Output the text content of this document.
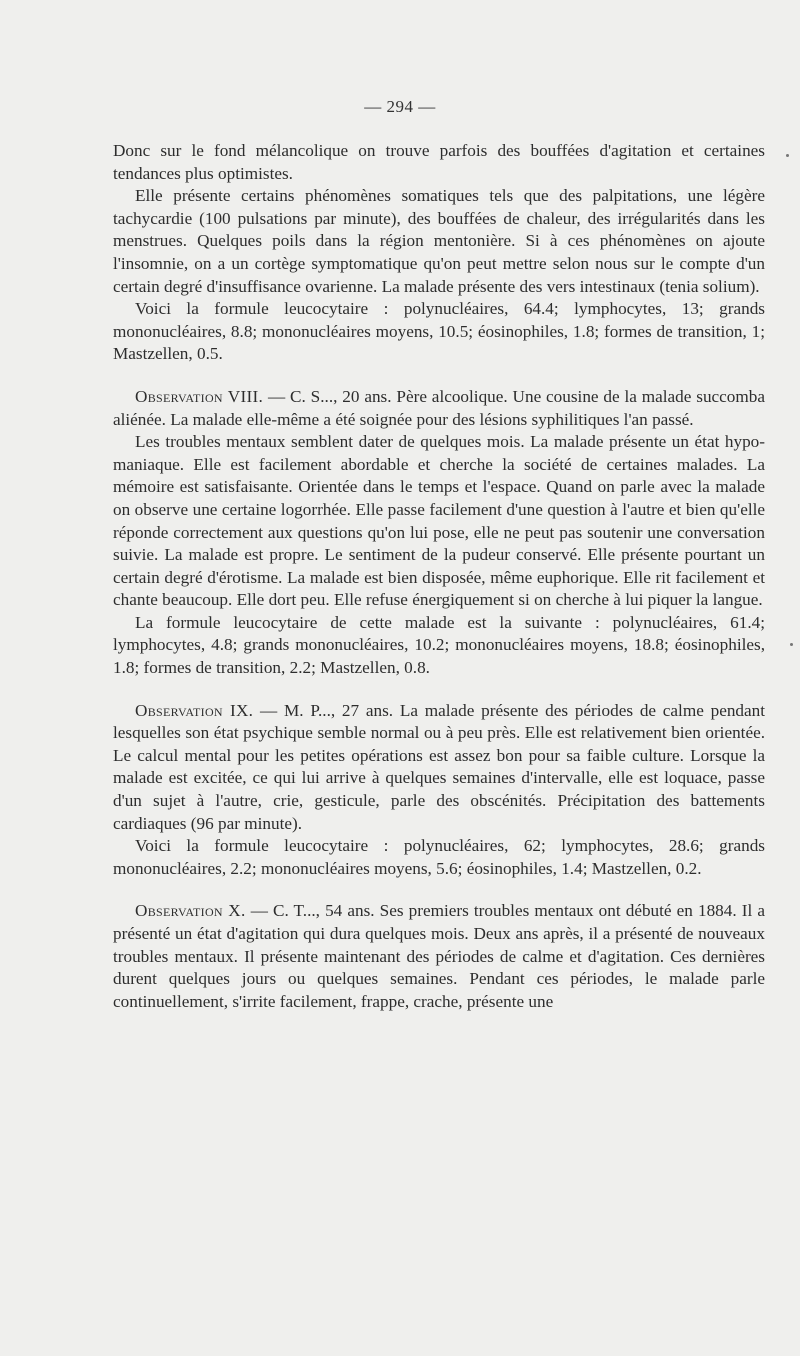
— 294 —

Donc sur le fond mélancolique on trouve parfois des bouffées d'agitation et certaines tendances plus optimistes.

Elle présente certains phénomènes somatiques tels que des palpitations, une légère tachycardie (100 pulsations par minute), des bouffées de chaleur, des irrégularités dans les menstrues. Quelques poils dans la région mentonière. Si à ces phénomènes on ajoute l'insomnie, on a un cortège symptomatique qu'on peut mettre selon nous sur le compte d'un certain degré d'insuffisance ovarienne. La malade présente des vers intestinaux (tenia solium).

Voici la formule leucocytaire : polynucléaires, 64.4; lymphocytes, 13; grands mononucléaires, 8.8; mononucléaires moyens, 10.5; éosinophiles, 1.8; formes de transition, 1; Mastzellen, 0.5.

Observation VIII. — C. S..., 20 ans. Père alcoolique. Une cousine de la malade succomba aliénée. La malade elle-même a été soignée pour des lésions syphilitiques l'an passé.

Les troubles mentaux semblent dater de quelques mois. La malade présente un état hypo-maniaque. Elle est facilement abordable et cherche la société de certaines malades. La mémoire est satisfaisante. Orientée dans le temps et l'espace. Quand on parle avec la malade on observe une certaine logorrhée. Elle passe facilement d'une question à l'autre et bien qu'elle réponde correctement aux questions qu'on lui pose, elle ne peut pas soutenir une conversation suivie. La malade est propre. Le sentiment de la pudeur conservé. Elle présente pourtant un certain degré d'érotisme. La malade est bien disposée, même euphorique. Elle rit facilement et chante beaucoup. Elle dort peu. Elle refuse énergiquement si on cherche à lui piquer la langue.

La formule leucocytaire de cette malade est la suivante : polynucléaires, 61.4; lymphocytes, 4.8; grands mononucléaires, 10.2; mononucléaires moyens, 18.8; éosinophiles, 1.8; formes de transition, 2.2; Mastzellen, 0.8.

Observation IX. — M. P..., 27 ans. La malade présente des périodes de calme pendant lesquelles son état psychique semble normal ou à peu près. Elle est relativement bien orientée. Le calcul mental pour les petites opérations est assez bon pour sa faible culture. Lorsque la malade est excitée, ce qui lui arrive à quelques semaines d'intervalle, elle est loquace, passe d'un sujet à l'autre, crie, gesticule, parle des obscénités. Précipitation des battements cardiaques (96 par minute).

Voici la formule leucocytaire : polynucléaires, 62; lymphocytes, 28.6; grands mononucléaires, 2.2; mononucléaires moyens, 5.6; éosinophiles, 1.4; Mastzellen, 0.2.

Observation X. — C. T..., 54 ans. Ses premiers troubles mentaux ont débuté en 1884. Il a présenté un état d'agitation qui dura quelques mois. Deux ans après, il a présenté de nouveaux troubles mentaux. Il présente maintenant des périodes de calme et d'agitation. Ces dernières durent quelques jours ou quelques semaines. Pendant ces périodes, le malade parle continuellement, s'irrite facilement, frappe, crache, présente une
